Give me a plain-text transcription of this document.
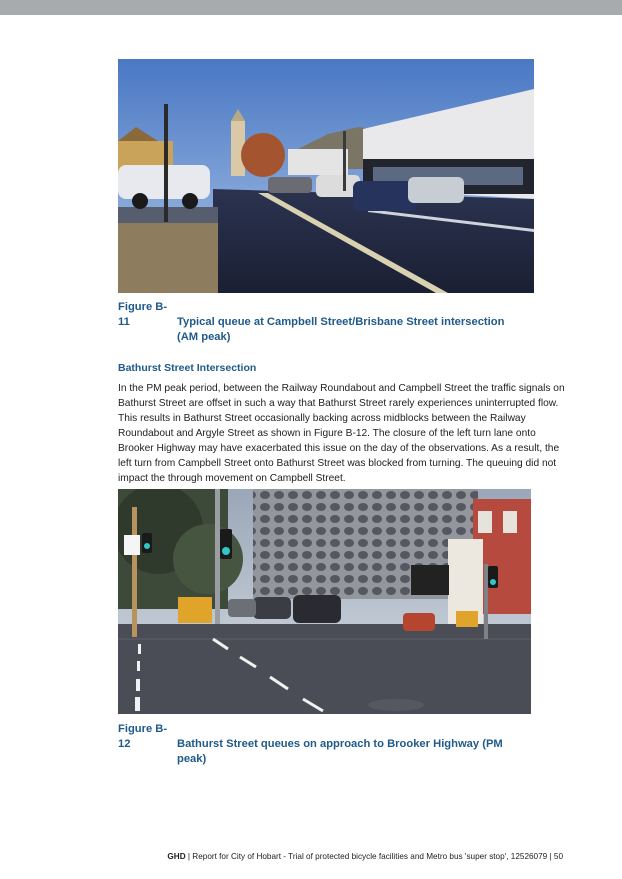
Figure B-11	Typical queue at Campbell Street/Brisbane Street intersection
(AM peak)
Bathurst Street Intersection
In the PM peak period, between the Railway Roundabout and Campbell Street the traffic signals on Bathurst Street are offset in such a way that Bathurst Street rarely experiences uninterrupted flow. This results in Bathurst Street occasionally backing across midblocks between the Railway Roundabout and Argyle Street as shown in Figure B-12. The closure of the left turn lane onto Brooker Highway may have exacerbated this issue on the day of the observations. As a result, the left turn from Campbell Street onto Bathurst Street was blocked from turning. The queuing did not impact the through movement on Campbell Street.
Figure B-12	Bathurst Street queues on approach to Brooker Highway (PM
peak)
GHD | Report for City of Hobart - Trial of protected bicycle facilities and Metro bus 'super stop', 12526079 | 50
